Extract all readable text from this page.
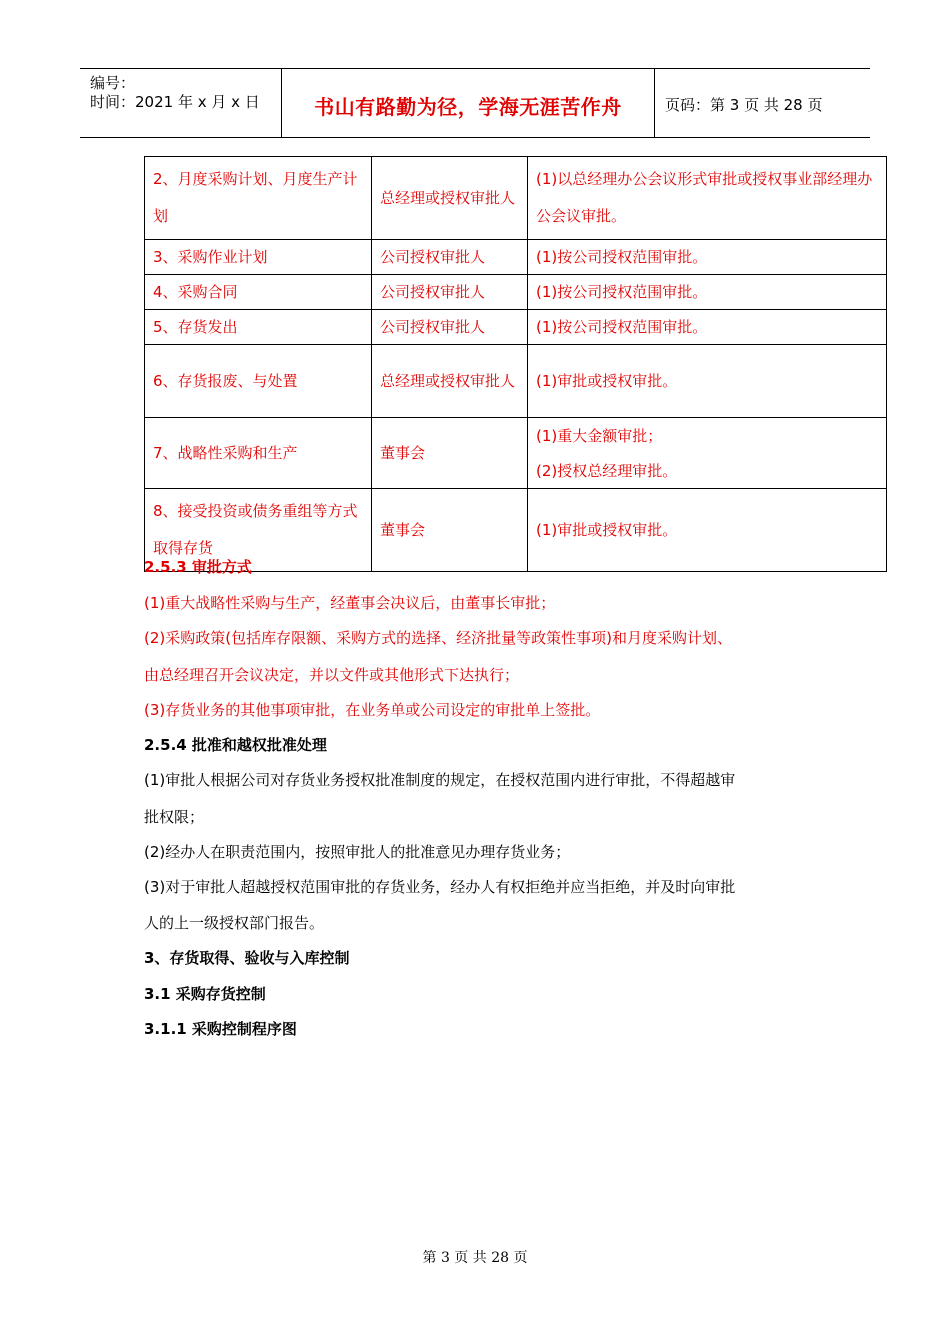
编号：
时间：2021 年 x 月 x 日	书山有路勤为径，学海无涯苦作舟	页码：第 3 页 共 28 页
2、月度采购计划、月度生产计划	总经理或授权审批人	(1)以总经理办公会议形式审批或授权事业部经理办公会议审批。
3、采购作业计划	公司授权审批人	(1)按公司授权范围审批。
4、采购合同	公司授权审批人	(1)按公司授权范围审批。
5、存货发出	公司授权审批人	(1)按公司授权范围审批。
6、存货报废、与处置	总经理或授权审批人	(1)审批或授权审批。
7、战略性采购和生产	董事会	(1)重大金额审批；
(2)授权总经理审批。

8、接受投资或债务重组等方式取得存货	董事会	(1)审批或授权审批。
2.5.3 审批方式
(1)重大战略性采购与生产，经董事会决议后，由董事长审批；
(2)采购政策(包括库存限额、采购方式的选择、经济批量等政策性事项)和月度采购计划、
由总经理召开会议决定，并以文件或其他形式下达执行；
(3)存货业务的其他事项审批，在业务单或公司设定的审批单上签批。
2.5.4 批准和越权批准处理
(1)审批人根据公司对存货业务授权批准制度的规定，在授权范围内进行审批，不得超越审
批权限；
(2)经办人在职责范围内，按照审批人的批准意见办理存货业务；
(3)对于审批人超越授权范围审批的存货业务，经办人有权拒绝并应当拒绝，并及时向审批
人的上一级授权部门报告。
3、存货取得、验收与入库控制
3.1 采购存货控制
3.1.1 采购控制程序图
第 3 页 共 28 页
